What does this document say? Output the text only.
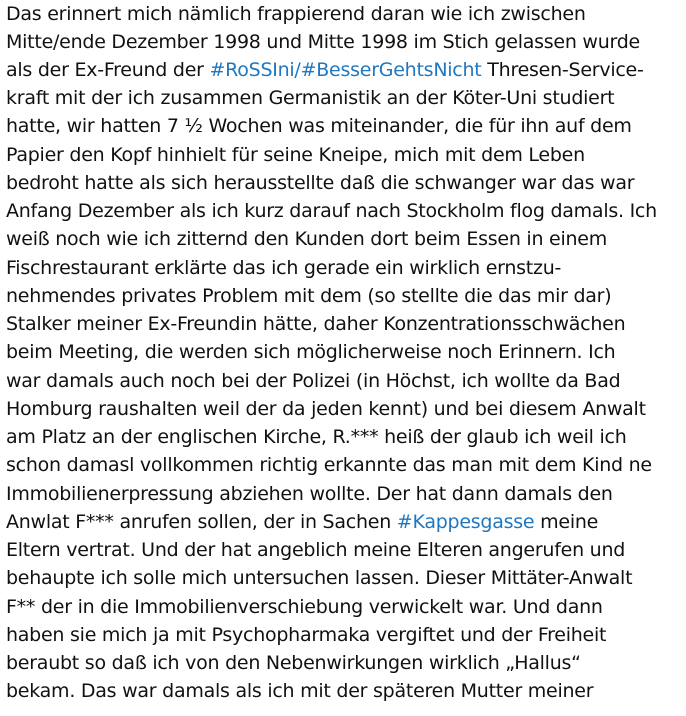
Das erinnert mich nämlich frappierend daran wie ich zwischen
Mitte/ende Dezember 1998 und Mitte 1998 im Stich gelassen wurde
als der Ex-Freund der #RoSSIni/#BesserGehtsNicht Thresen-Service-
kraft mit der ich zusammen Germanistik an der Köter-Uni studiert
hatte, wir hatten 7 ½ Wochen was miteinander, die für ihn auf dem
Papier den Kopf hinhielt für seine Kneipe, mich mit dem Leben
bedroht hatte als sich herausstellte daß die schwanger war das war
Anfang Dezember als ich kurz darauf nach Stockholm flog damals. Ich
weiß noch wie ich zitternd den Kunden dort beim Essen in einem
Fischrestaurant erklärte das ich gerade ein wirklich ernstzu-
nehmendes privates Problem mit dem (so stellte die das mir dar)
Stalker meiner Ex-Freundin hätte, daher Konzentrationsschwächen
beim Meeting, die werden sich möglicherweise noch Erinnern. Ich
war damals auch noch bei der Polizei (in Höchst, ich wollte da Bad
Homburg raushalten weil der da jeden kennt) und bei diesem Anwalt
am Platz an der englischen Kirche, R.*** heiß der glaub ich weil ich
schon damasl vollkommen richtig erkannte das man mit dem Kind ne
Immobilienerpressung abziehen wollte. Der hat dann damals den
Anwlat F*** anrufen sollen, der in Sachen #Kappesgasse meine
Eltern vertrat. Und der hat angeblich meine Elteren angerufen und
behaupte ich solle mich untersuchen lassen. Dieser Mittäter-Anwalt
F** der in die Immobilienverschiebung verwickelt war. Und dann
haben sie mich ja mit Psychopharmaka vergiftet und der Freiheit
beraubt so daß ich von den Nebenwirkungen wirklich „Hallus“
bekam. Das war damals als ich mit der späteren Mutter meiner
